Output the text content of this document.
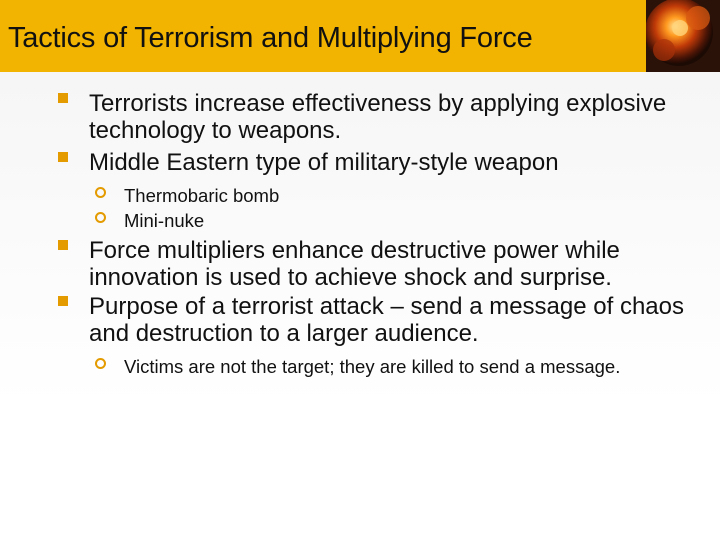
Tactics of Terrorism and Multiplying Force
Terrorists increase effectiveness by applying explosive technology to weapons.
Middle Eastern type of military-style weapon
Thermobaric bomb
Mini-nuke
Force multipliers enhance destructive power while innovation is used to achieve shock and surprise.
Purpose of a terrorist attack – send a message of chaos and destruction to a larger audience.
Victims are not the target; they are killed to send a message.
